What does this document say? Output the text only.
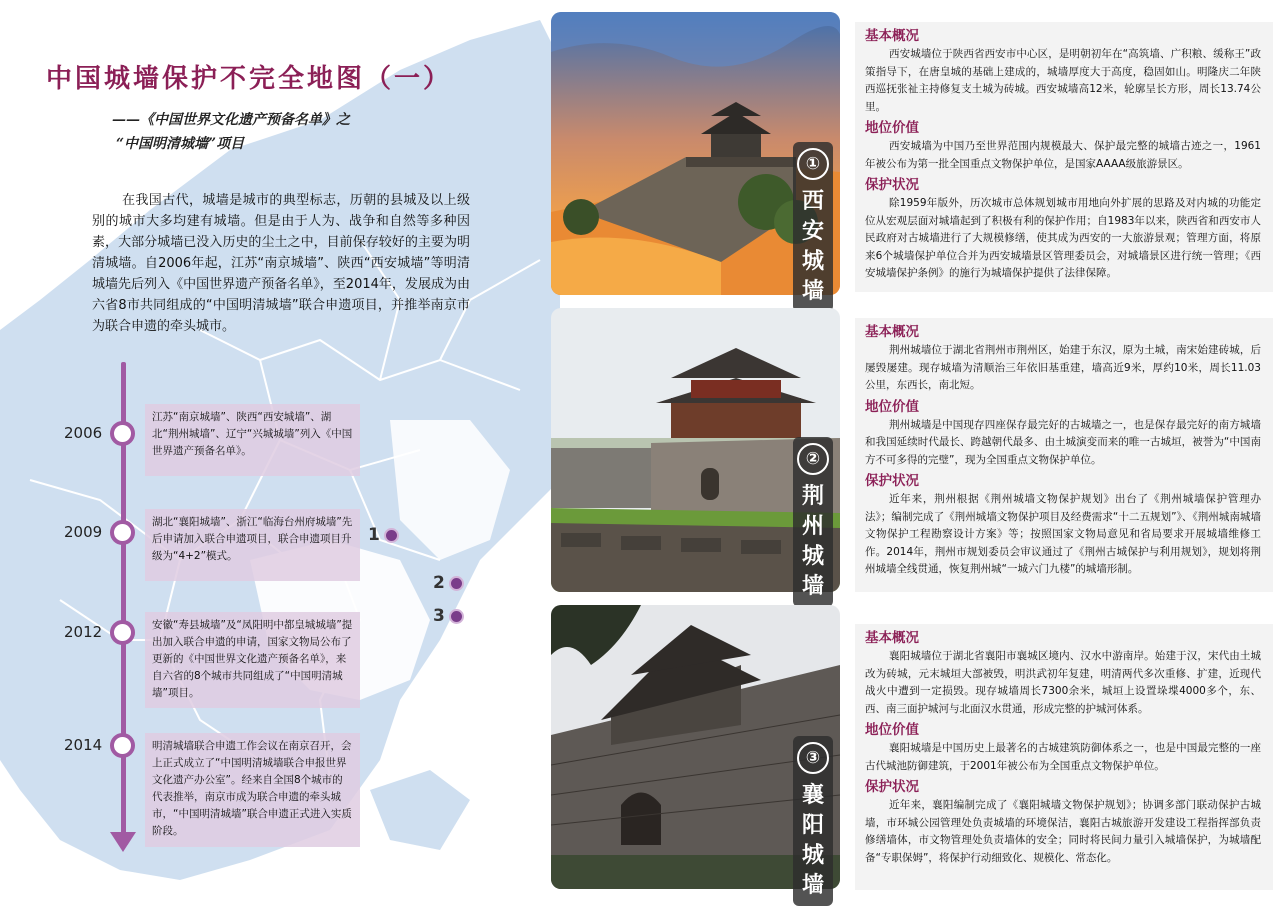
中国城墙保护不完全地图（一）
——《中国世界文化遗产预备名单》之
“中国明清城墙”项目
在我国古代，城墙是城市的典型标志，历朝的县城及以上级别的城市大多均建有城墙。但是由于人为、战争和自然等多种因素，大部分城墙已没入历史的尘土之中，目前保存较好的主要为明清城墙。自2006年起，江苏“南京城墙”、陕西“西安城墙”等明清城墙先后列入《中国世界遗产预备名单》，至2014年，发展成为由六省8市共同组成的“中国明清城墙”联合申遗项目，并推举南京市为联合申遗的牵头城市。
2006
江苏“南京城墙”、陕西“西安城墙”、湖北“荆州城墙”、辽宁“兴城城墙”列入《中国世界遗产预备名单》。
2009
湖北“襄阳城墙”、浙江“临海台州府城墙”先后申请加入联合申遗项目，联合申遗项目升级为“4+2”模式。
2012	安徽“寿县城墙”及“凤阳明中都皇城城墙”提出加入联合申遗的申请，国家文物局公布了更新的《中国世界文化遗产预备名单》，来自六省的8个城市共同组成了“中国明清城墙”项目。
2014	明清城墙联合申遗工作会议在南京召开，会上正式成立了“中国明清城墙联合申报世界文化遗产办公室”。经来自全国8个城市的代表推举，南京市成为联合申遗的牵头城市，“中国明清城墙”联合申遗正式进入实质阶段。
1
2
3
①
西
安
城
墙
②
荆
州
城
墙
③
襄
阳
城
墙
基本概况

西安城墙位于陕西省西安市中心区，是明朝初年在“高筑墙、广积粮、缓称王”政策指导下，在唐皇城的基础上建成的，城墙厚度大于高度，稳固如山。明隆庆二年陕西巡抚张祉主持修复支土城为砖城。西安城墙高12米，轮廓呈长方形，周长13.74公里。

地位价值

西安城墙为中国乃至世界范围内规模最大、保护最完整的城墙古迹之一，1961年被公布为第一批全国重点文物保护单位，是国家AAAA级旅游景区。

保护状况

除1959年版外，历次城市总体规划城市用地向外扩展的思路及对内城的功能定位从宏观层面对城墙起到了积极有利的保护作用；自1983年以来，陕西省和西安市人民政府对古城墙进行了大规模修缮，使其成为西安的一大旅游景观；管理方面，将原来6个城墙保护单位合并为西安城墙景区管理委员会，对城墙景区进行统一管理；《西安城墙保护条例》的施行为城墙保护提供了法律保障。

基本概况

荆州城墙位于湖北省荆州市荆州区，始建于东汉，原为土城，南宋始建砖城，后屡毁屡建。现存城墙为清顺治三年依旧基重建，墙高近9米，厚约10米，周长11.03公里，东西长，南北短。

地位价值

荆州城墙是中国现存四座保存最完好的古城墙之一，也是保存最完好的南方城墙和我国延续时代最长、跨越朝代最多、由土城演变而来的唯一古城垣，被誉为“中国南方不可多得的完璧”，现为全国重点文物保护单位。

保护状况

近年来，荆州根据《荆州城墙文物保护规划》出台了《荆州城墙保护管理办法》；编制完成了《荆州城墙文物保护项目及经费需求“十二五规划”》、《荆州城南城墙文物保护工程勘察设计方案》等；按照国家文物局意见和省局要求开展城墙维修工作。2014年，荆州市规划委员会审议通过了《荆州古城保护与利用规划》，规划将荆州城墙全线贯通，恢复荆州城“一城六门九楼”的城墙形制。

基本概况

襄阳城墙位于湖北省襄阳市襄城区境内、汉水中游南岸。始建于汉，宋代由土城改为砖城，元末城垣大部被毁，明洪武初年复建，明清两代多次重修、扩建，近现代战火中遭到一定损毁。现存城墙周长7300余米，城垣上设置垛堞4000多个，东、西、南三面护城河与北面汉水贯通，形成完整的护城河体系。

地位价值

襄阳城墙是中国历史上最著名的古城建筑防御体系之一，也是中国最完整的一座古代城池防御建筑，于2001年被公布为全国重点文物保护单位。

保护状况

近年来，襄阳编制完成了《襄阳城墙文物保护规划》；协调多部门联动保护古城墙，市环城公园管理处负责城墙的环境保洁，襄阳古城旅游开发建设工程指挥部负责修缮墙体，市文物管理处负责墙体的安全；同时将民间力量引入城墙保护，为城墙配备“专职保姆”，将保护行动细致化、规模化、常态化。
